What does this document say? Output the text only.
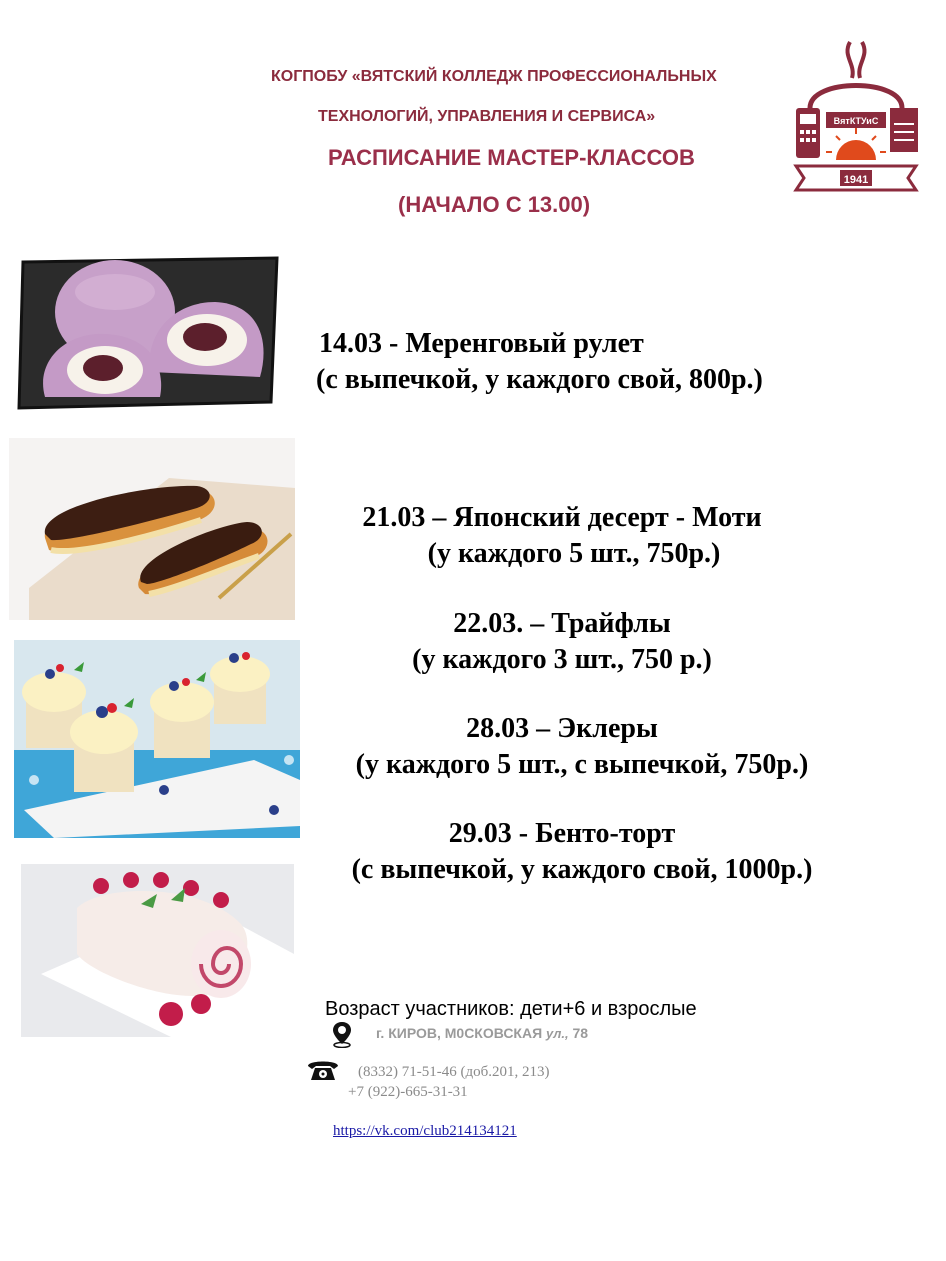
КОГПОБУ «ВЯТСКИЙ КОЛЛЕДЖ ПРОФЕССИОНАЛЬНЫХ
ТЕХНОЛОГИЙ, УПРАВЛЕНИЯ И СЕРВИСА»
РАСПИСАНИЕ МАСТЕР-КЛАССОВ
(НАЧАЛО С 13.00)
ВятКТУиС
1941
14.03 - Меренговый рулет
(с выпечкой, у каждого свой, 800р.)
21.03 – Японский десерт - Моти
(у каждого 5 шт., 750р.)
22.03. – Трайфлы
(у каждого 3 шт., 750 р.)
28.03 – Эклеры
(у каждого 5 шт., с выпечкой, 750р.)
29.03 - Бенто-торт
(с выпечкой, у каждого свой, 1000р.)
Возраст участников: дети+6 и взрослые
г. КИРОВ, М0СКОВСКАЯ ул., 78
(8332) 71-51-46 (доб.201, 213)
+7 (922)-665-31-31
https://vk.com/club214134121
